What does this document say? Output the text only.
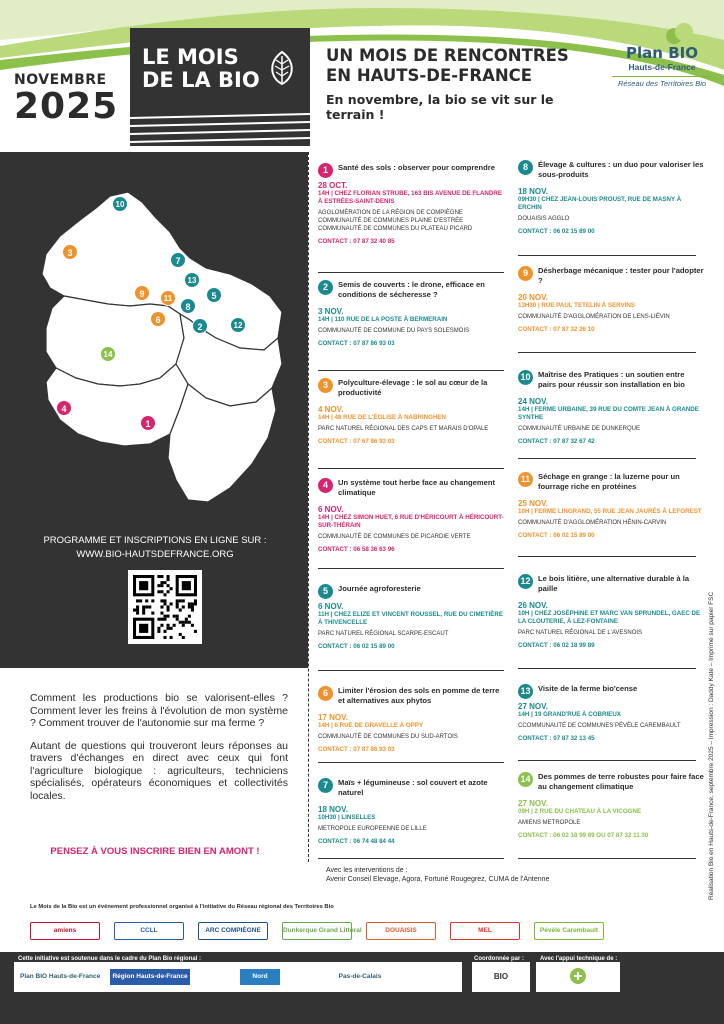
NOVEMBRE
2025
LE MOIS
DE LA BIO
UN MOIS DE RENCONTRES
EN HAUTS-DE-FRANCE
En novembre, la bio se vit sur le terrain !
Plan BIO
Hauts-de-France
Réseau des Territoires Bio
10
3
7
13
9	11	5
8
6
2	12
14
4
1
PROGRAMME ET INSCRIPTIONS EN LIGNE SUR :
WWW.BIO-HAUTSDEFRANCE.ORG

Comment les productions bio se valorisent-elles ? Comment lever les freins à l'évolution de mon système ? Comment trouver de l'autonomie sur ma ferme ?

Autant de questions qui trouveront leurs réponses au travers d'échanges en direct avec ceux qui font l'agriculture biologique : agriculteurs, techniciens spécialisés, opérateurs économiques et collectivités locales.

PENSEZ À VOUS INSCRIRE BIEN EN AMONT !
1	Santé des sols : observer pour comprendre
28 OCT.
14H | CHEZ FLORIAN STRUBE, 163 BIS AVENUE DE FLANDRE À ESTRÉES-SAINT-DENIS
AGGLOMÉRATION DE LA RÉGION DE COMPIÈGNE COMMUNAUTÉ DE COMMUNES PLAINE D'ESTRÉE COMMUNAUTÉ DE COMMUNES DU PLATEAU PICARD
CONTACT : 07 87 32 40 85
2	Semis de couverts : le drone, efficace en conditions de sécheresse ?
3 NOV.
14H | 110 RUE DE LA POSTE À BERMERAIN
COMMUNAUTÉ DE COMMUNE DU PAYS SOLESMOIS
CONTACT : 07 87 86 93 03
3	Polyculture-élevage : le sol au cœur de la productivité
4 NOV.
14H | 48 RUE DE L'ÉGLISE À NABRINGHEN
PARC NATUREL RÉGIONAL DES CAPS ET MARAIS D'OPALE
CONTACT : 07 67 86 93 03
4	Un système tout herbe face au changement climatique
6 NOV.
14H | CHEZ SIMON HUET, 6 RUE D'HÉRICOURT À HÉRICOURT-SUR-THÉRAIN
COMMUNAUTÉ DE COMMUNES DE PICARDIE VERTE
CONTACT : 06 58 36 63 96
5	Journée agroforesterie
6 NOV.
11H | CHEZ ELIZE ET VINCENT ROUSSEL, RUE DU CIMETIÈRE À THIVENCELLE
PARC NATUREL RÉGIONAL SCARPE-ESCAUT
CONTACT : 06 02 15 89 00
6	Limiter l'érosion des sols en pomme de terre et alternatives aux phytos
17 NOV.
14H | 6 RUE DE GRAVELLE À OPPY
COMMUNAUTÉ DE COMMUNES DU SUD-ARTOIS
CONTACT : 07 87 86 93 03
7	Maïs + légumineuse : sol couvert et azote naturel
18 NOV.
10H30 | LINSELLES
METROPOLE EUROPEENNE DE LILLE
CONTACT : 06 74 48 84 44
8	Élevage & cultures : un duo pour valoriser les sous-produits
18 NOV.
09H30 | CHEZ JEAN-LOUIS PROUST, RUE DE MASNY À ERCHIN
DOUAISIS AGGLO
CONTACT : 06 02 15 89 00
9	Désherbage mécanique : tester pour l'adopter ?
20 NOV.
13H30 | RUE PAUL TETELIN À SERVINS
COMMUNAUTÉ D'AGGLOMÉRATION DE LENS-LIÉVIN
CONTACT : 07 87 32 26 10
10 Maîtrise des Pratiques : un soutien entre pairs pour réussir son installation en bio
24 NOV.
14H | FERME URBAINE, 39 RUE DU COMTE JEAN À GRANDE SYNTHE
COMMUNAUTÉ URBAINE DE DUNKERQUE
CONTACT : 07 87 32 67 42
11	Séchage en grange : la luzerne pour un fourrage riche en protéines
25 NOV.
10H | FERME LINGRAND, 55 RUE JEAN JAURÈS À LEFOREST
COMMUNAUTÉ D'AGGLOMÉRATION HÉNIN-CARVIN
CONTACT : 06 02 15 89 00
12 Le bois litière, une alternative durable à la paille
26 NOV.
10H | CHEZ JOSÉPHINE ET MARC VAN SPRUNDEL, GAEC DE LA CLOUTERIE, À LEZ-FONTAINE
PARC NATUREL RÉGIONAL DE L'AVESNOIS
CONTACT : 06 02 18 99 89
13 Visite de la ferme bio'cense
27 NOV.
14H | 19 GRAND'RUE À COBRIEUX
CCOMMUNAUTÉ DE COMMUNES PÉVÈLE CAREMBAULT
CONTACT : 07 87 32 13 45
14 Des pommes de terre robustes pour faire face au changement climatique
27 NOV.
09H | 2 RUE DU CHATEAU À LA VICOGNE
AMIENS METROPOLE
CONTACT : 06 02 18 99 89 OU 07 87 32 11 30
Avec les interventions de :
Avenir Conseil Elevage, Agora, Fortuné Rougegrez, CUMA de l'Antenne
Le Mois de la Bio est un événement professionnel organisé à l'initiative du Réseau régional des Territoires Bio
amiens	CCLL	ARC COMPIÈGNE	Dunkerque Grand Littoral	DOUAISIS	MEL	Pévèle Carembault
Cette initiative est soutenue dans le cadre du Plan Bio régional :	Coordonnée par :	Avec l'appui technique de :
Plan BIO Hauts-de-France	Région Hauts-de-France	Nord	Pas-de-Calais	BIO
Réalisation Bio en Hauts-de-France, septembre 2025 – Impression : Daddy Kate – Imprimé sur papier FSC
